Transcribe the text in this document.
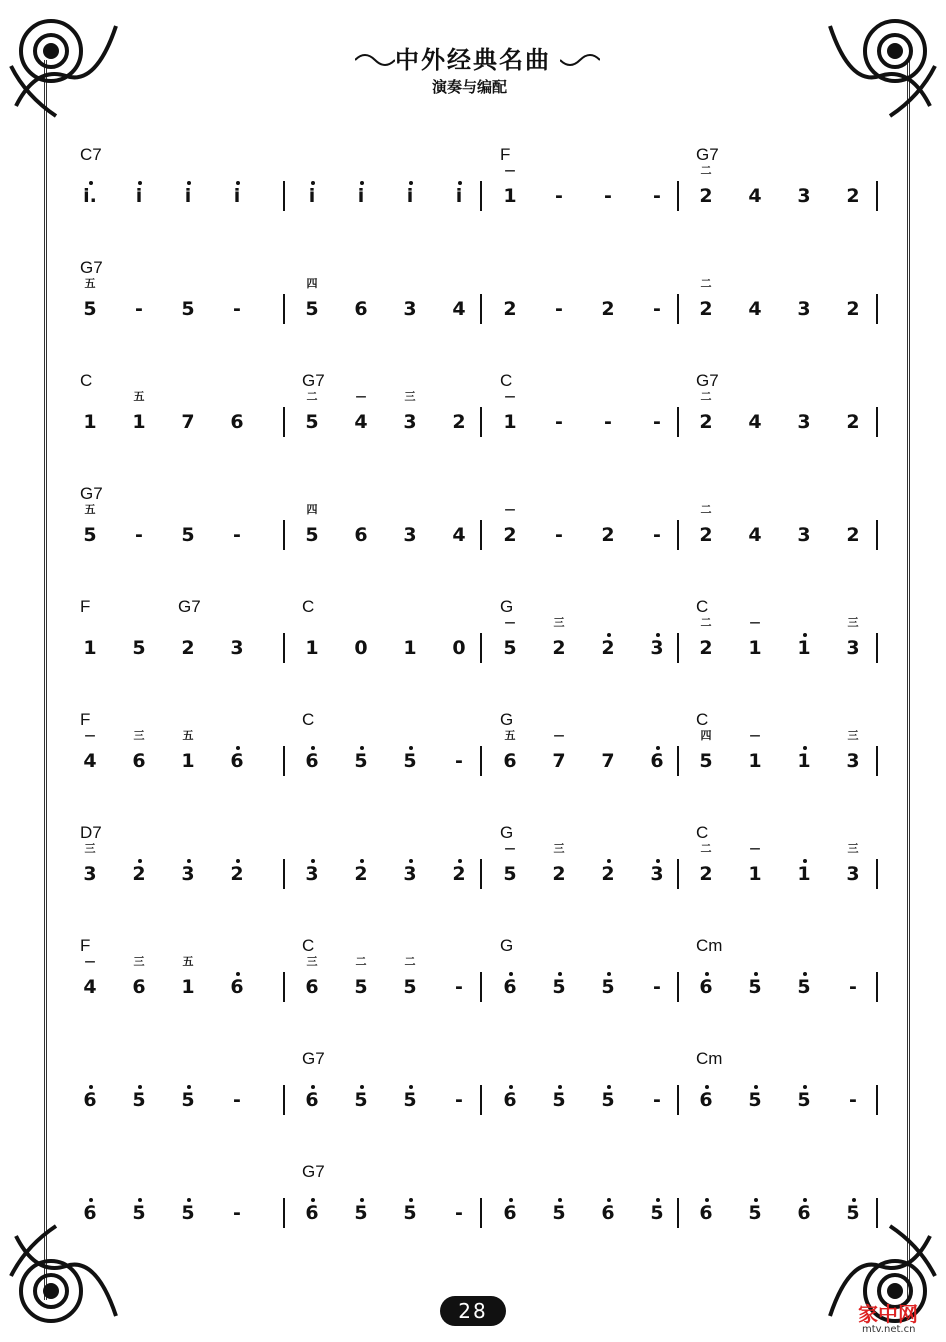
中外经典名曲
演奏与编配
C7	F	G7
i.	i	i	i	i	i	i	i	1
—
-	-	-	2
二
4	3	2
G7
5
五
-	5	-	5
四
6	3	4	2	-	2	-	2
二
4	3	2
C	G7	C	G7
1	1
五
7	6	5
二
4
—
3
三
2	1
—
-	-	-	2
二
4	3	2
G7
5
五
-	5	-	5
四
6	3	4	2
—
-	2	-	2
二
4	3	2
F	G7	C	G	C
1	5	2	3	1	0	1	0	5
—
2
三
2	3	2
二
1
—
1	3
三
F	C	G	C
4
—
6
三
1
五
6	6	5	5	-	6
五
7
—
7	6	5
四
1
—
1	3
三
D7	G	C
3
三
2	3	2	3	2	3	2	5
—
2
三
2	3	2
二
1
—
1	3
三
F	C	G	Cm
4
—
6
三
1
五
6	6
三
5
二
5
二
-	6	5	5	-	6	5	5	-
G7	Cm
6	5	5	-	6	5	5	-	6	5	5	-	6	5	5	-
G7
6	5	5	-	6	5	5	-	6	5	6	5	6	5	6	5
28	家中网
mtv.net.cn
